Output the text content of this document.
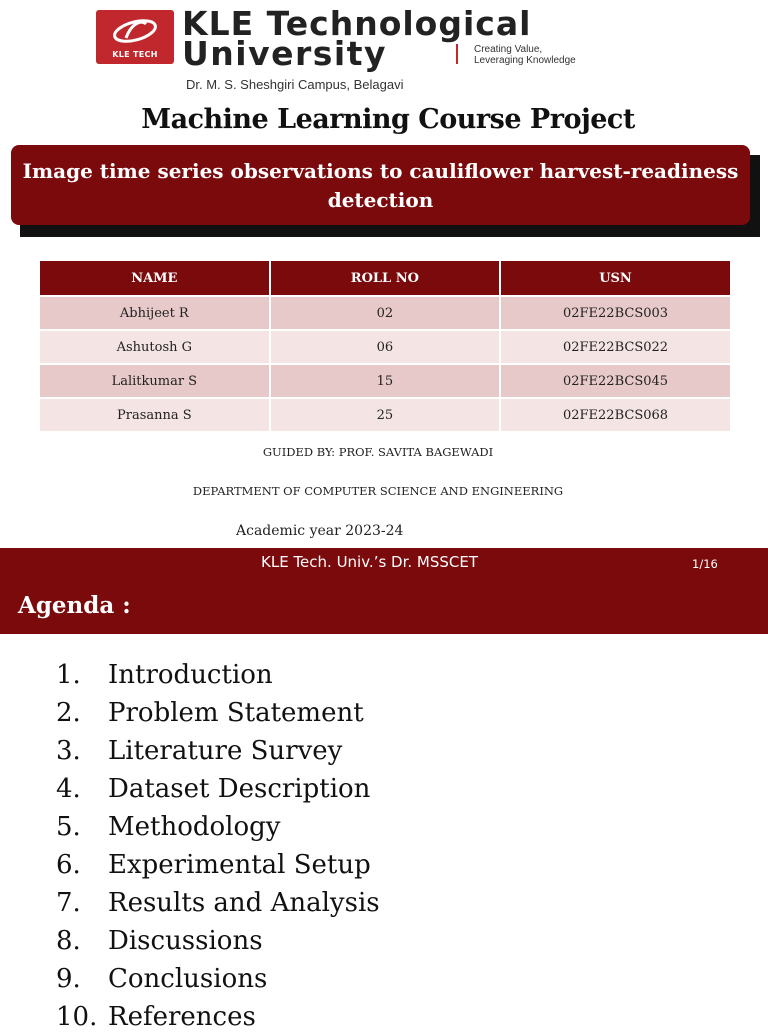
KLE TECH
KLE Technological
University	Creating Value,
Leveraging Knowledge
Dr. M. S. Sheshgiri Campus, Belagavi
Machine Learning Course Project
Image time series observations to cauliflower harvest-readiness detection
NAME	ROLL NO	USN
Abhijeet R	02	02FE22BCS003
Ashutosh G	06	02FE22BCS022
Lalitkumar S	15	02FE22BCS045
Prasanna S	25	02FE22BCS068
GUIDED BY: PROF. SAVITA BAGEWADI
DEPARTMENT OF COMPUTER SCIENCE AND ENGINEERING
Academic year 2023-24
KLE Tech. Univ.’s Dr. MSSCET	1/16
Agenda :
1. Introduction
2. Problem Statement
3. Literature Survey
4. Dataset Description
5. Methodology
6. Experimental Setup
7. Results and Analysis
8. Discussions
9. Conclusions
10. References
